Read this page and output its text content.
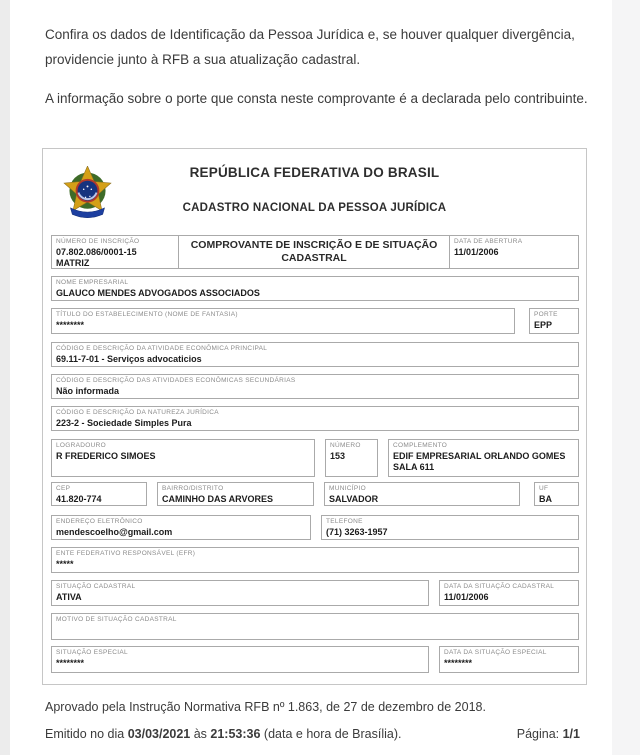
Confira os dados de Identificação da Pessoa Jurídica e, se houver qualquer divergência, providencie junto à RFB a sua atualização cadastral.

A informação sobre o porte que consta neste comprovante é a declarada pelo contribuinte.

REPÚBLICA FEDERATIVA DO BRASIL
CADASTRO NACIONAL DA PESSOA JURÍDICA
NÚMERO DE INSCRIÇÃO
07.802.086/0001-15
MATRIZ
COMPROVANTE DE INSCRIÇÃO E DE SITUAÇÃO CADASTRAL
DATA DE ABERTURA
11/01/2006
NOME EMPRESARIAL
GLAUCO MENDES ADVOGADOS ASSOCIADOS
TÍTULO DO ESTABELECIMENTO (NOME DE FANTASIA)
********
PORTE
EPP
CÓDIGO E DESCRIÇÃO DA ATIVIDADE ECONÔMICA PRINCIPAL
69.11-7-01 - Serviços advocaticios
CÓDIGO E DESCRIÇÃO DAS ATIVIDADES ECONÔMICAS SECUNDÁRIAS
Não informada
CÓDIGO E DESCRIÇÃO DA NATUREZA JURÍDICA
223-2 - Sociedade Simples Pura
LOGRADOURO
R FREDERICO SIMOES
NÚMERO
153
COMPLEMENTO
EDIF EMPRESARIAL ORLANDO GOMES SALA 611
CEP
41.820-774
BAIRRO/DISTRITO
CAMINHO DAS ARVORES
MUNICÍPIO
SALVADOR
UF
BA
ENDEREÇO ELETRÔNICO
mendescoelho@gmail.com
TELEFONE
(71) 3263-1957
ENTE FEDERATIVO RESPONSÁVEL (EFR)
*****
SITUAÇÃO CADASTRAL
ATIVA
DATA DA SITUAÇÃO CADASTRAL
11/01/2006
MOTIVO DE SITUAÇÃO CADASTRAL
SITUAÇÃO ESPECIAL
********
DATA DA SITUAÇÃO ESPECIAL
********

Aprovado pela Instrução Normativa RFB nº 1.863, de 27 de dezembro de 2018.

Emitido no dia 03/03/2021 às 21:53:36 (data e hora de Brasília).	Página: 1/1
